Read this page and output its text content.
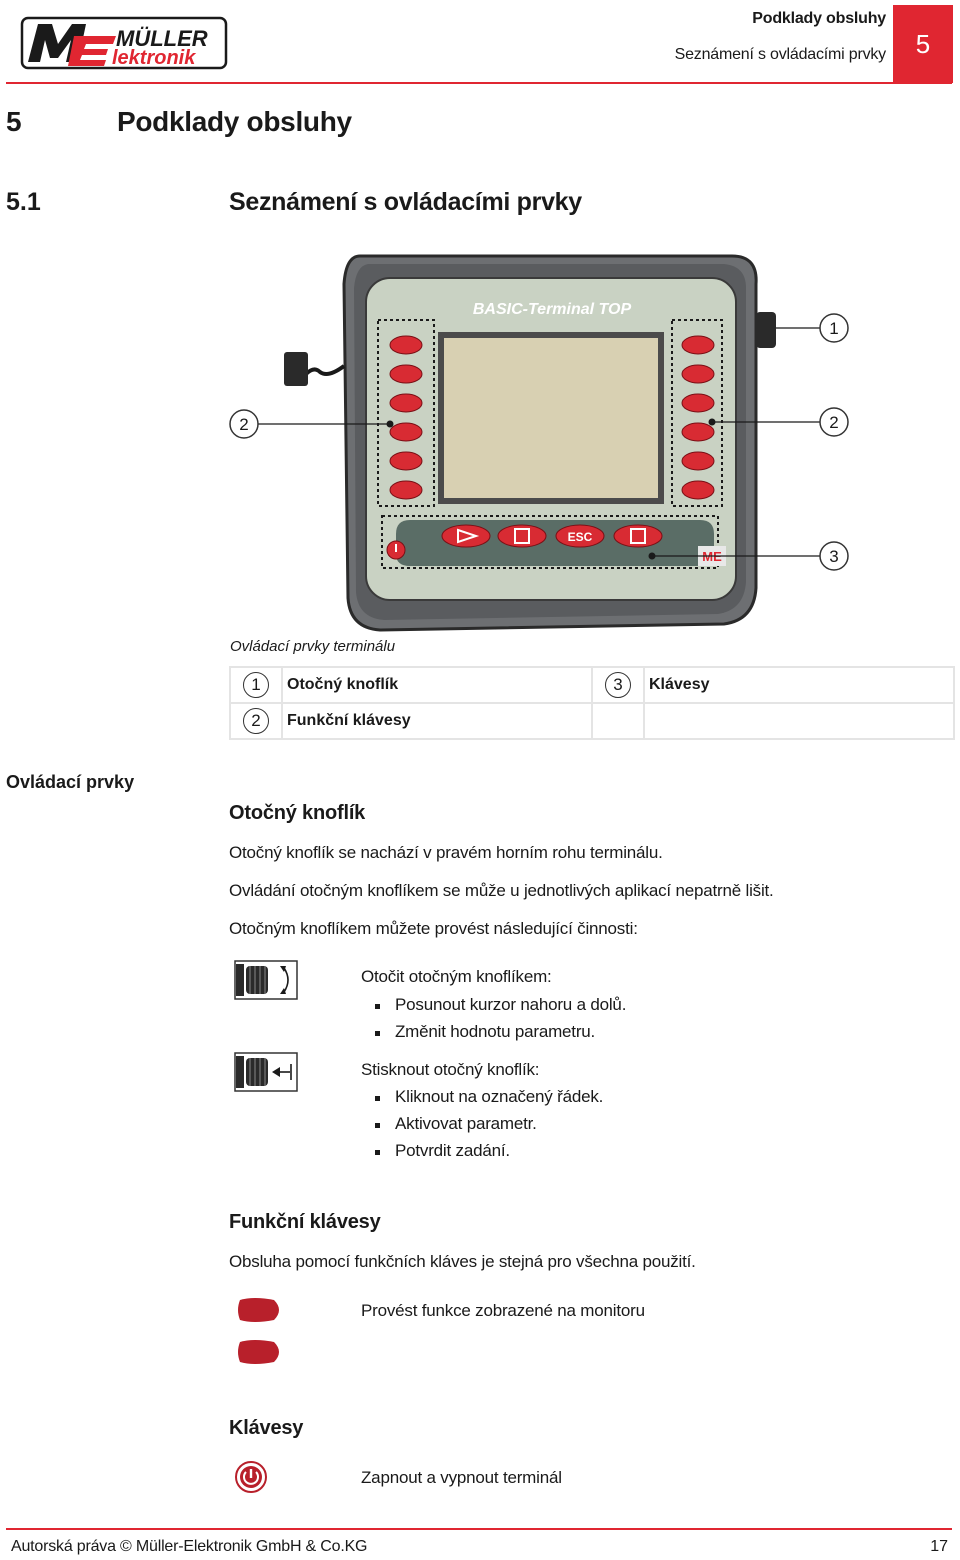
MÜLLER
lektronik
Podklady obsluhy
Seznámení s ovládacími prvky	5
5	Podklady obsluhy
5.1	Seznámení s ovládacími prvky
BASIC-Terminal TOP
ESC
ME
1
2	2
3
Ovládací prvky terminálu
1	Otočný knoflík	3	Klávesy
2	Funkční klávesy		
Ovládací prvky
Otočný knoflík
Otočný knoflík se nachází v pravém horním rohu terminálu.
Ovládání otočným knoflíkem se může u jednotlivých aplikací nepatrně lišit.
Otočným knoflíkem můžete provést následující činnosti:
Otočit otočným knoflíkem:
Posunout kurzor nahoru a dolů.
Změnit hodnotu parametru.
Stisknout otočný knoflík:
Kliknout na označený řádek.
Aktivovat parametr.
Potvrdit zadání.
Funkční klávesy
Obsluha pomocí funkčních kláves je stejná pro všechna použití.
Provést funkce zobrazené na monitoru
Klávesy
Zapnout a vypnout terminál
Autorská práva © Müller-Elektronik GmbH & Co.KG	17
